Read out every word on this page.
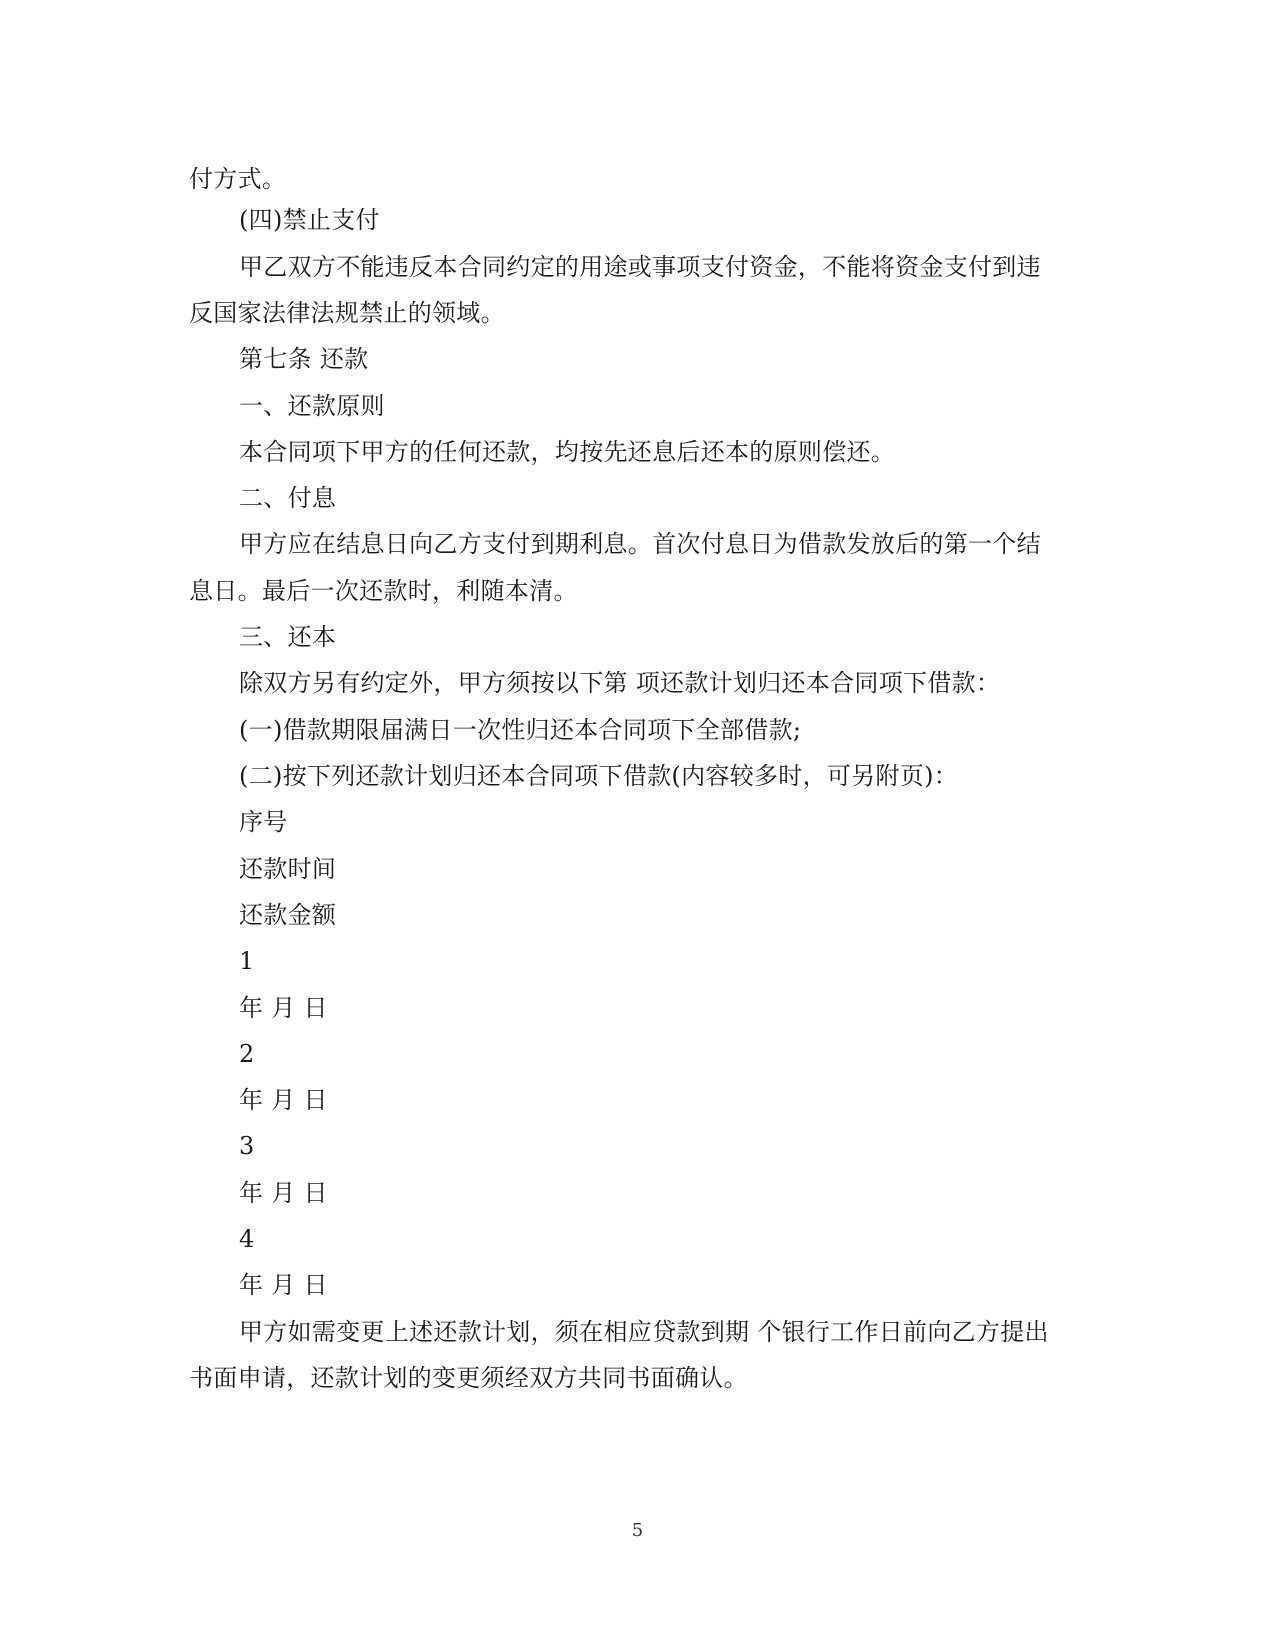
付方式。
(四)禁止支付
甲乙双方不能违反本合同约定的用途或事项支付资金，不能将资金支付到违
反国家法律法规禁止的领域。
第七条 还款
一、还款原则
本合同项下甲方的任何还款，均按先还息后还本的原则偿还。
二、付息
甲方应在结息日向乙方支付到期利息。首次付息日为借款发放后的第一个结
息日。最后一次还款时，利随本清。
三、还本
除双方另有约定外，甲方须按以下第 项还款计划归还本合同项下借款：
(一)借款期限届满日一次性归还本合同项下全部借款;
(二)按下列还款计划归还本合同项下借款(内容较多时，可另附页)：
序号
还款时间
还款金额
1
年 月 日
2
年 月 日
3
年 月 日
4
年 月 日
甲方如需变更上述还款计划，须在相应贷款到期 个银行工作日前向乙方提出
书面申请，还款计划的变更须经双方共同书面确认。
5
